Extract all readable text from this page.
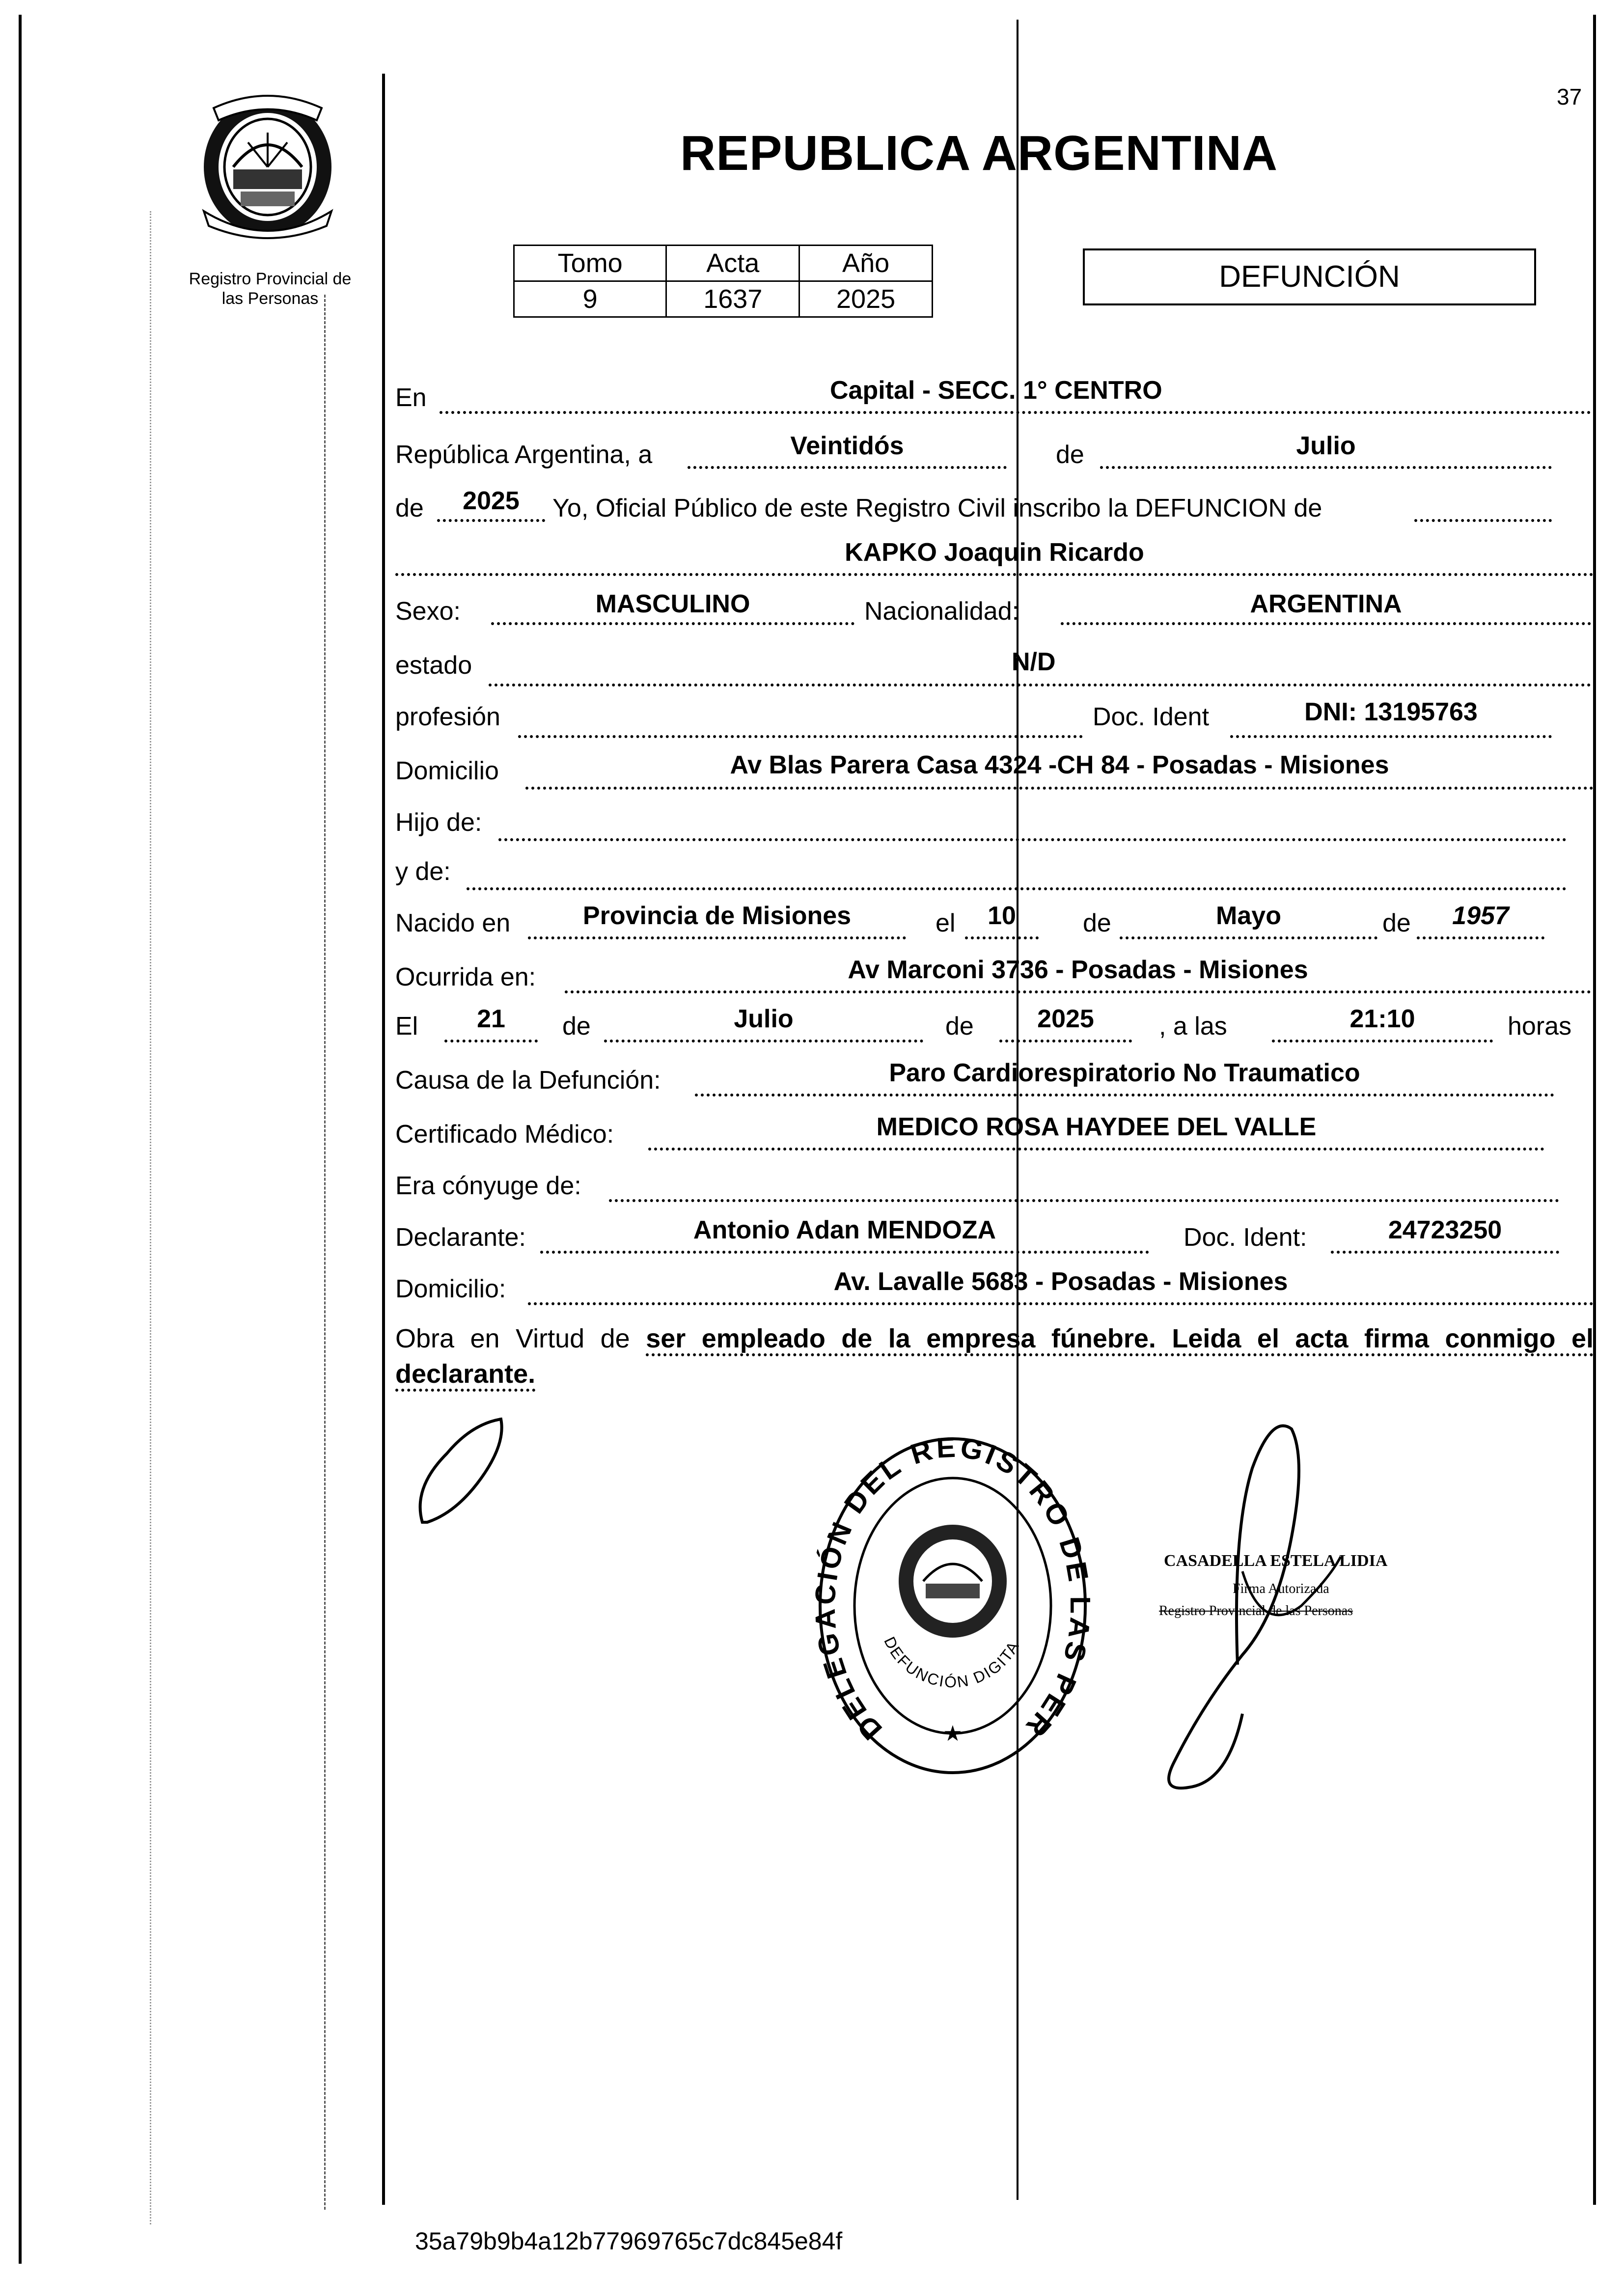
37
Registro Provincial de
las Personas
REPUBLICA ARGENTINA
Tomo	Acta	Año
9	1637	2025
DEFUNCIÓN
En	Capital - SECC. 1° CENTRO
República Argentina, a	Veintidós	de	Julio
de	2025	Yo, Oficial Público de este Registro Civil inscribo la DEFUNCION de
KAPKO Joaquin Ricardo
Sexo:	MASCULINO	Nacionalidad:	ARGENTINA
estado	N/D
profesión	Doc. Ident	DNI: 13195763
Domicilio	Av Blas Parera Casa 4324 -CH 84 - Posadas - Misiones
Hijo de:
y de:
Nacido en	Provincia de Misiones	el	10	de	Mayo	de	1957
Ocurrida en:	Av Marconi 3736 - Posadas - Misiones
El	21	de	Julio	de	2025	, a las	21:10	horas
Causa de la Defunción:	Paro Cardiorespiratorio No Traumatico
Certificado Médico:	MEDICO ROSA HAYDEE DEL VALLE
Era cónyuge de:
Declarante:	Antonio Adan MENDOZA	Doc. Ident:	24723250
Domicilio:	Av. Lavalle 5683 - Posadas - Misiones
Obra en Virtud de ser empleado de la empresa fúnebre. Leida el acta firma conmigo el declarante.
DELE ÓN DEL REGISTRO D S PER
DEFUNCIÓN DIGITA
★
CASADELLA ESTELA LIDIA
Firma Autorizada
Registro Provincial de las Personas
35a79b9b4a12b77969765c7dc845e84f
